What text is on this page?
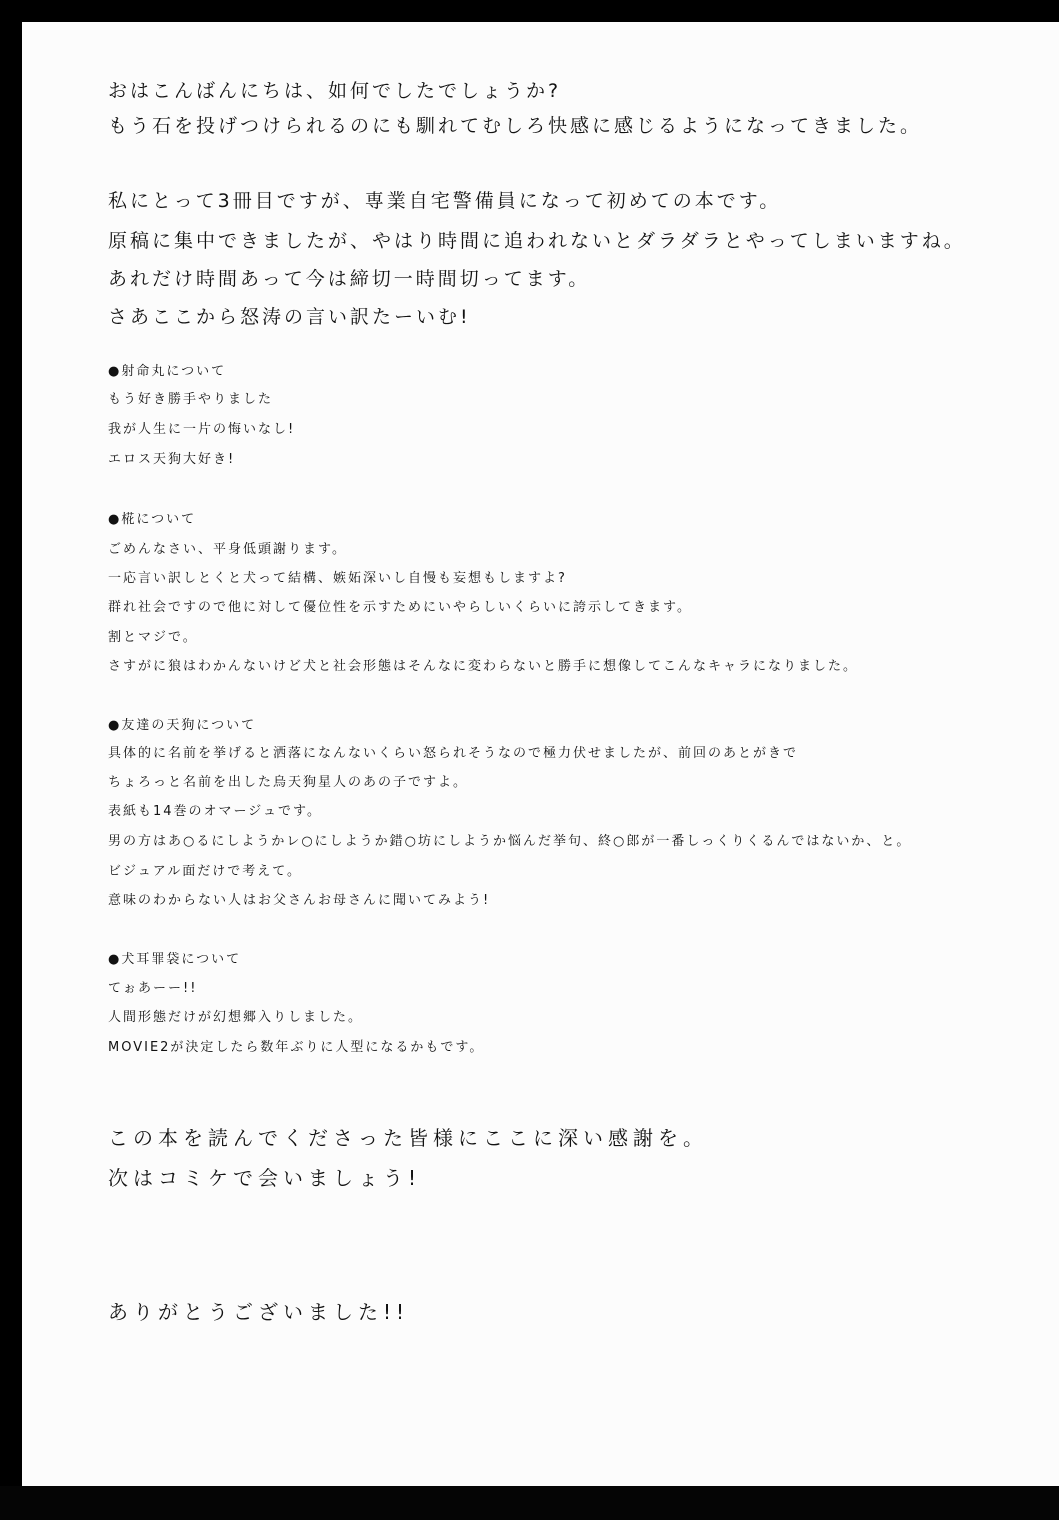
おはこんばんにちは、如何でしたでしょうか?
もう石を投げつけられるのにも馴れてむしろ快感に感じるようになってきました。
私にとって3冊目ですが、専業自宅警備員になって初めての本です。
原稿に集中できましたが、やはり時間に追われないとダラダラとやってしまいますね。
あれだけ時間あって今は締切一時間切ってます。
さあここから怒涛の言い訳たーいむ!
●射命丸について
もう好き勝手やりました
我が人生に一片の悔いなし!
エロス天狗大好き!
●椛について
ごめんなさい、平身低頭謝ります。
一応言い訳しとくと犬って結構、嫉妬深いし自慢も妄想もしますよ?
群れ社会ですので他に対して優位性を示すためにいやらしいくらいに誇示してきます。
割とマジで。
さすがに狼はわかんないけど犬と社会形態はそんなに変わらないと勝手に想像してこんなキャラになりました。
●友達の天狗について
具体的に名前を挙げると洒落になんないくらい怒られそうなので極力伏せましたが、前回のあとがきで
ちょろっと名前を出した烏天狗星人のあの子ですよ。
表紙も14巻のオマージュです。
男の方はあ○るにしようかレ○にしようか錯○坊にしようか悩んだ挙句、終○郎が一番しっくりくるんではないか、と。
ビジュアル面だけで考えて。
意味のわからない人はお父さんお母さんに聞いてみよう!
●犬耳罪袋について
てぉあーー!!
人間形態だけが幻想郷入りしました。
MOVIE2が決定したら数年ぶりに人型になるかもです。
この本を読んでくださった皆様にここに深い感謝を。
次はコミケで会いましょう!
ありがとうございました!!
